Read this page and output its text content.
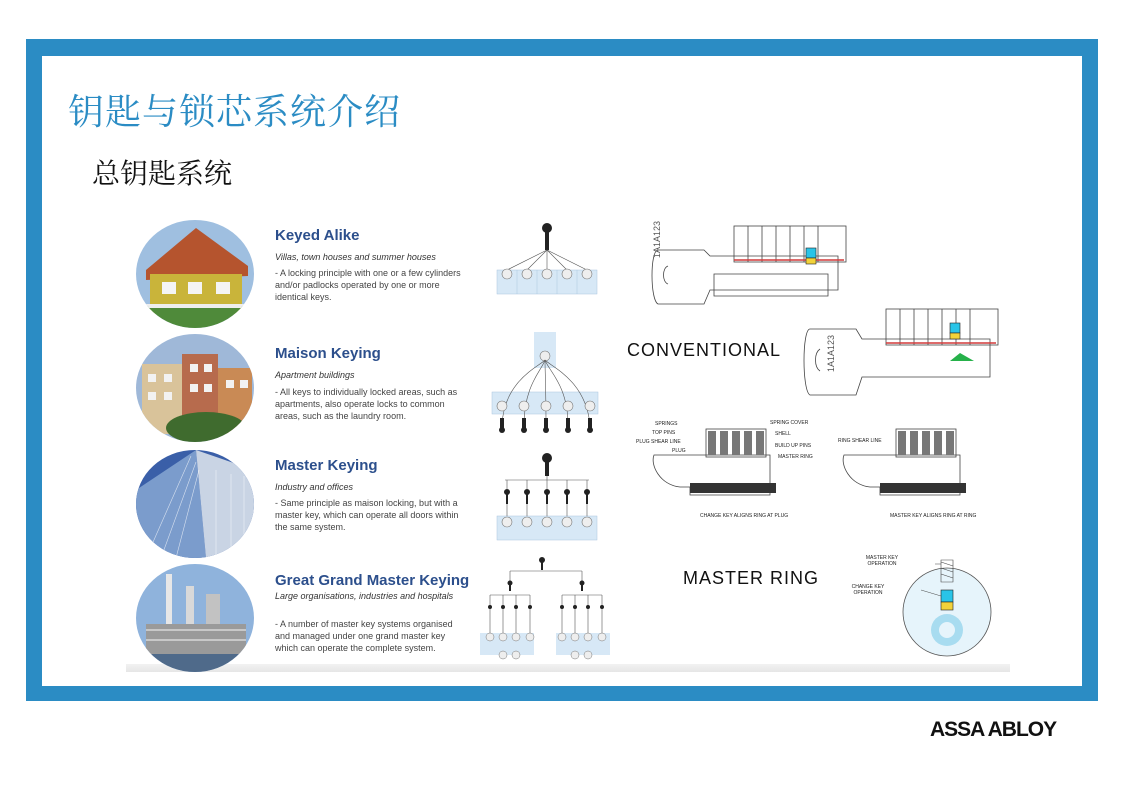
钥匙与锁芯系统介绍
总钥匙系统
Keyed Alike
Villas, town houses and summer houses
- A locking principle with one or a few cylinders and/or padlocks operated by one or more identical keys.
Maison Keying
Apartment buildings
- All keys to individually locked areas, such as apartments, also operate locks to common areas, such as the laundry room.
Master Keying
Industry and offices
- Same principle as maison locking, but with a master key, which can operate all doors within the same system.
Great Grand Master Keying
Large organisations, industries and hospitals
- A number of master key systems organised and managed under one grand master key which can operate the complete system.
1A1A123
CONVENTIONAL	1A1A123
SPRINGS
TOP PINS
PLUG SHEAR LINE
PLUG
SPRING COVER
SHELL
BUILD UP PINS
MASTER RING
CHANGE KEY ALIGNS RING AT PLUG
RING SHEAR LINE
MASTER KEY ALIGNS RING AT RING
MASTER RING
MASTER KEY OPERATION
CHANGE KEY OPERATION
ASSA ABLOY
